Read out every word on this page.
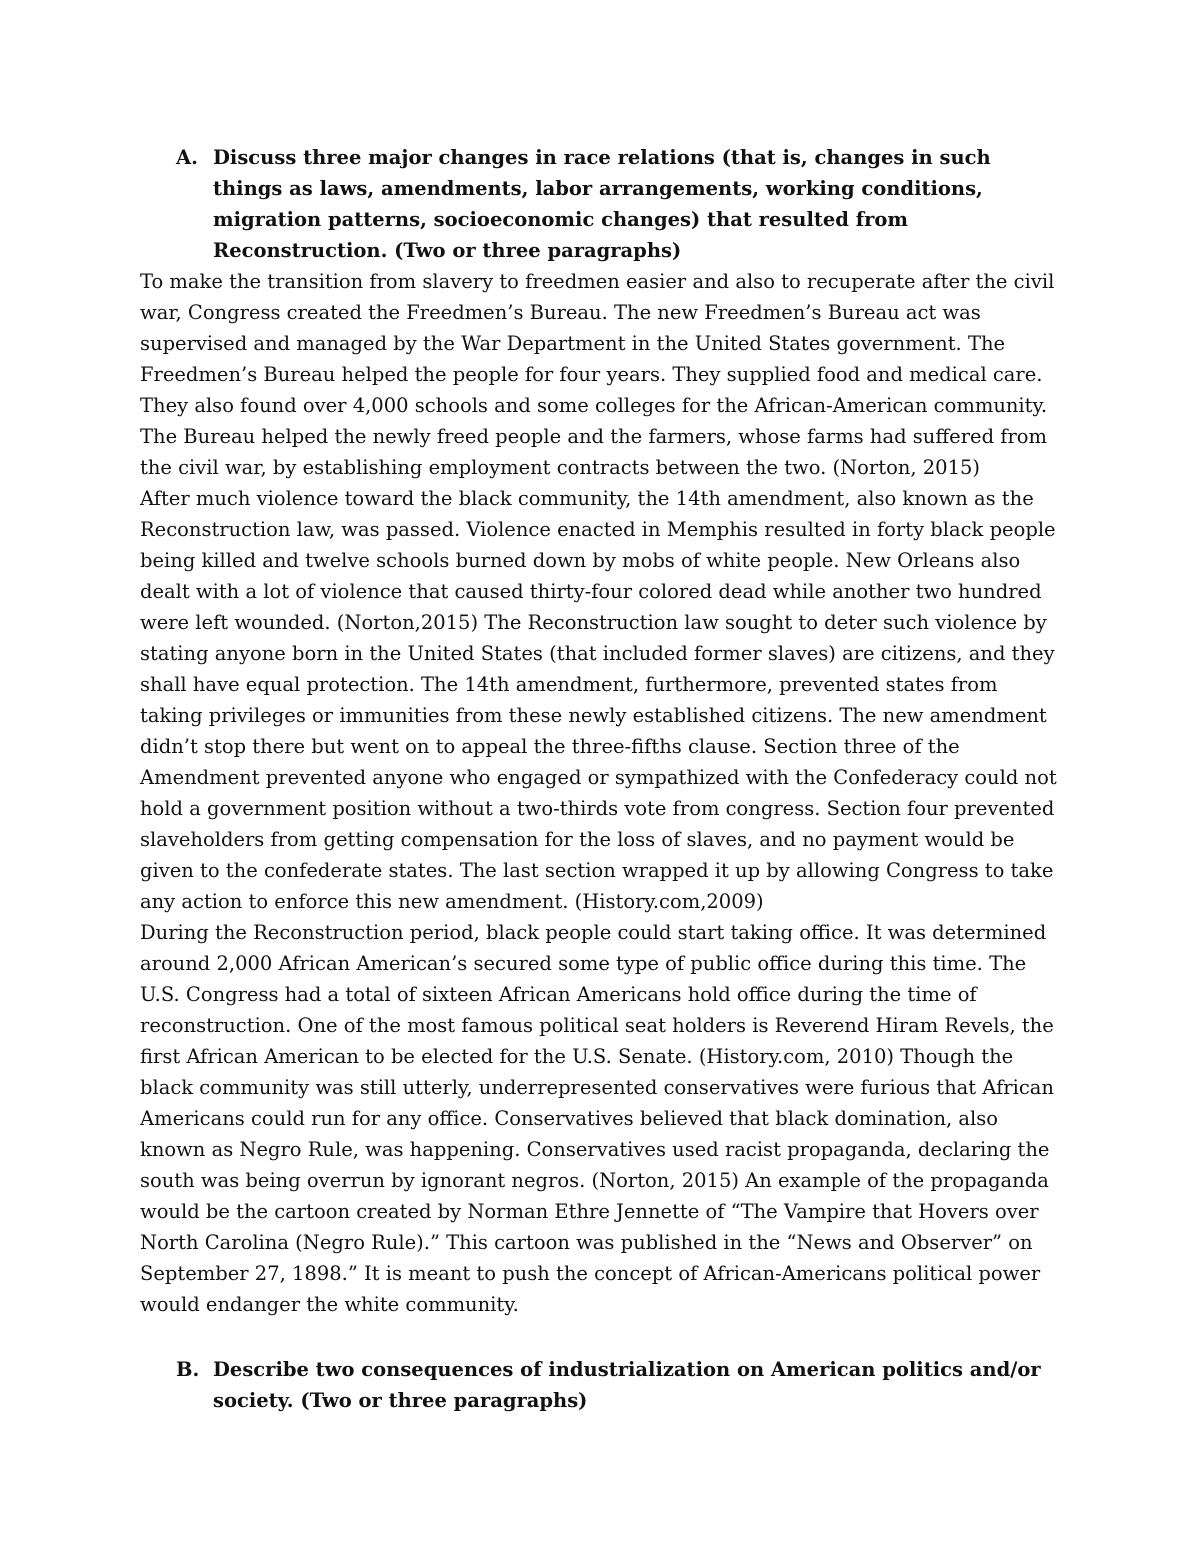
A. Discuss three major changes in race relations (that is, changes in such things as laws, amendments, labor arrangements, working conditions, migration patterns, socioeconomic changes) that resulted from Reconstruction. (Two or three paragraphs)

To make the transition from slavery to freedmen easier and also to recuperate after the civil war, Congress created the Freedmen’s Bureau. The new Freedmen’s Bureau act was supervised and managed by the War Department in the United States government. The Freedmen’s Bureau helped the people for four years. They supplied food and medical care. They also found over 4,000 schools and some colleges for the African-American community. The Bureau helped the newly freed people and the farmers, whose farms had suffered from the civil war, by establishing employment contracts between the two. (Norton, 2015)

After much violence toward the black community, the 14th amendment, also known as the Reconstruction law, was passed. Violence enacted in Memphis resulted in forty black people being killed and twelve schools burned down by mobs of white people. New Orleans also dealt with a lot of violence that caused thirty-four colored dead while another two hundred were left wounded. (Norton,2015) The Reconstruction law sought to deter such violence by stating anyone born in the United States (that included former slaves) are citizens, and they shall have equal protection. The 14th amendment, furthermore, prevented states from taking privileges or immunities from these newly established citizens. The new amendment didn’t stop there but went on to appeal the three-fifths clause. Section three of the Amendment prevented anyone who engaged or sympathized with the Confederacy could not hold a government position without a two-thirds vote from congress. Section four prevented slaveholders from getting compensation for the loss of slaves, and no payment would be given to the confederate states. The last section wrapped it up by allowing Congress to take any action to enforce this new amendment. (History.com,2009)

During the Reconstruction period, black people could start taking office. It was determined around 2,000 African American’s secured some type of public office during this time. The U.S. Congress had a total of sixteen African Americans hold office during the time of reconstruction. One of the most famous political seat holders is Reverend Hiram Revels, the first African American to be elected for the U.S. Senate. (History.com, 2010) Though the black community was still utterly, underrepresented conservatives were furious that African Americans could run for any office. Conservatives believed that black domination, also known as Negro Rule, was happening. Conservatives used racist propaganda, declaring the south was being overrun by ignorant negros. (Norton, 2015) An example of the propaganda would be the cartoon created by Norman Ethre Jennette of “The Vampire that Hovers over North Carolina (Negro Rule).” This cartoon was published in the “News and Observer” on September 27, 1898.” It is meant to push the concept of African-Americans political power would endanger the white community.

B. Describe two consequences of industrialization on American politics and/or society. (Two or three paragraphs)
